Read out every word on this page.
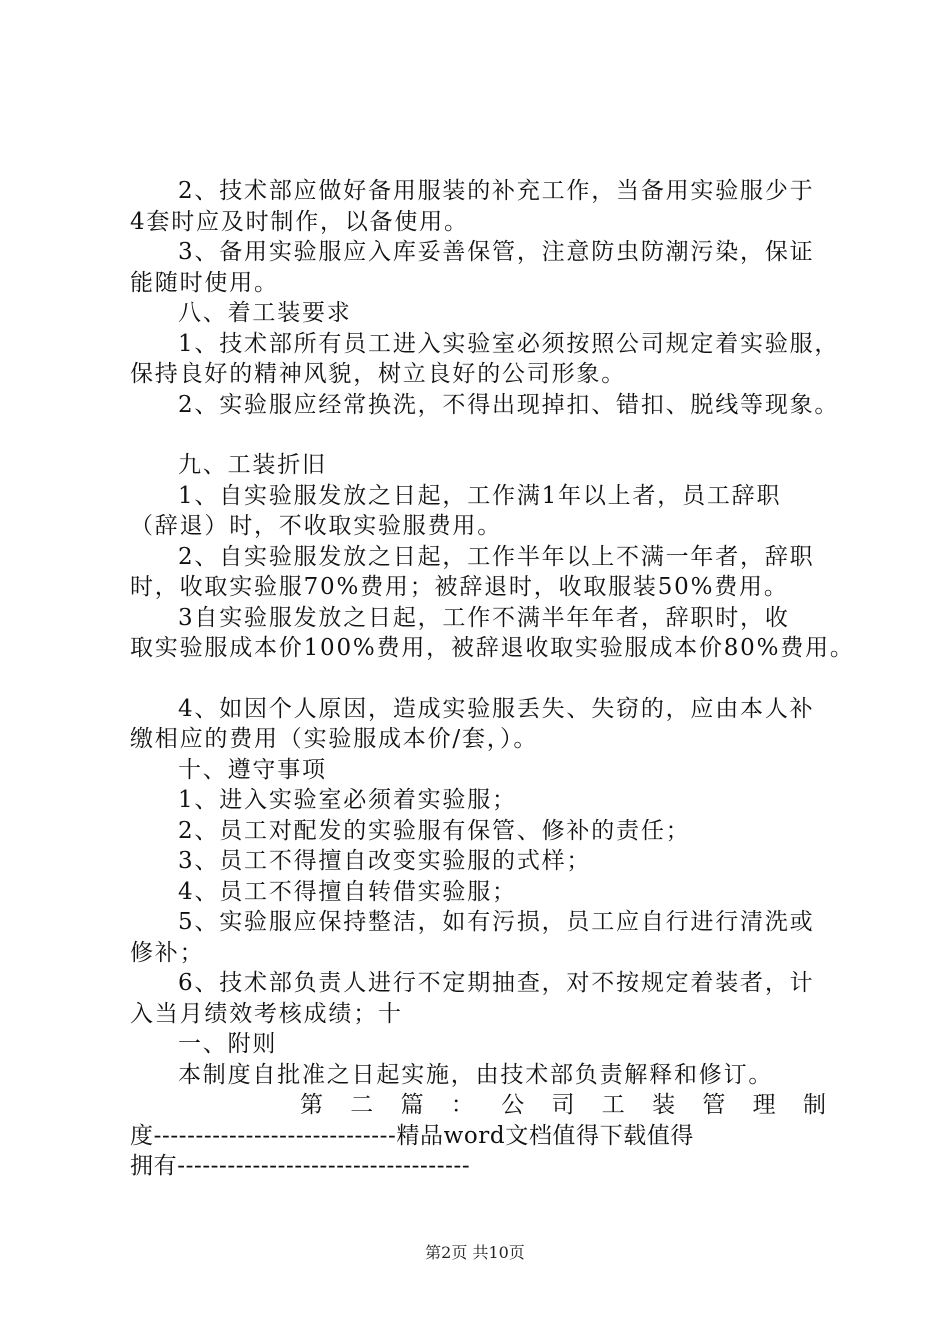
2、技术部应做好备用服装的补充工作，当备用实验服少于
4套时应及时制作，以备使用。
3、备用实验服应入库妥善保管，注意防虫防潮污染，保证
能随时使用。
八、着工装要求
1、技术部所有员工进入实验室必须按照公司规定着实验服，
保持良好的精神风貌，树立良好的公司形象。
2、实验服应经常换洗，不得出现掉扣、错扣、脱线等现象。
九、工装折旧
1、自实验服发放之日起，工作满1年以上者，员工辞职
（辞退）时，不收取实验服费用。
2、自实验服发放之日起，工作半年以上不满一年者，辞职
时，收取实验服70%费用；被辞退时，收取服装50%费用。
3自实验服发放之日起，工作不满半年年者，辞职时，收
取实验服成本价100%费用，被辞退收取实验服成本价80%费用。
4、如因个人原因，造成实验服丢失、失窃的，应由本人补
缴相应的费用（实验服成本价/套，）。
十、遵守事项
1、进入实验室必须着实验服；
2、员工对配发的实验服有保管、修补的责任；
3、员工不得擅自改变实验服的式样；
4、员工不得擅自转借实验服；
5、实验服应保持整洁，如有污损，员工应自行进行清洗或
修补；
6、技术部负责人进行不定期抽查，对不按规定着装者，计
入当月绩效考核成绩；十
一、附则
本制度自批准之日起实施，由技术部负责解释和修订。
第 二 篇 ： 公 司 工 装 管 理 制
度-----------------------------精品word文档值得下载值得
拥有-----------------------------------
第2页 共10页
